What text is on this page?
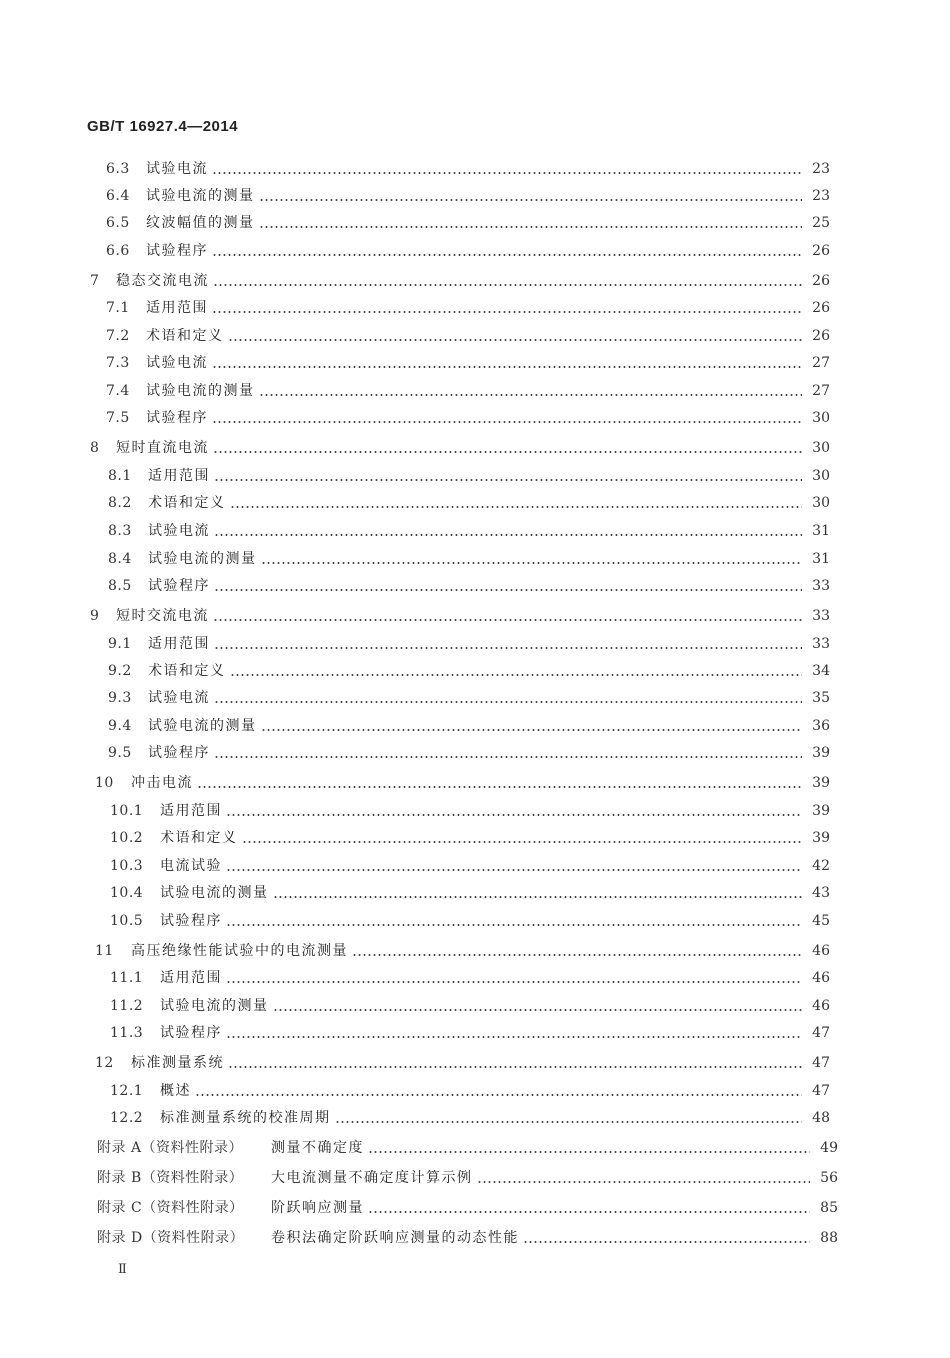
GB/T 16927.4—2014
6.3	试验电流	23
6.4	试验电流的测量	23
6.5	纹波幅值的测量	25
6.6	试验程序	26
7	稳态交流电流	26
7.1	适用范围	26
7.2	术语和定义	26
7.3	试验电流	27
7.4	试验电流的测量	27
7.5	试验程序	30
8	短时直流电流	30
8.1	适用范围	30
8.2	术语和定义	30
8.3	试验电流	31
8.4	试验电流的测量	31
8.5	试验程序	33
9	短时交流电流	33
9.1	适用范围	33
9.2	术语和定义	34
9.3	试验电流	35
9.4	试验电流的测量	36
9.5	试验程序	39
10	冲击电流	39
10.1	适用范围	39
10.2	术语和定义	39
10.3	电流试验	42
10.4	试验电流的测量	43
10.5	试验程序	45
11	高压绝缘性能试验中的电流测量	46
11.1	适用范围	46
11.2	试验电流的测量	46
11.3	试验程序	47
12	标准测量系统	47
12.1	概述	47
12.2	标准测量系统的校准周期	48
附录 A（资料性附录）	测量不确定度	49
附录 B（资料性附录）	大电流测量不确定度计算示例	56
附录 C（资料性附录）	阶跃响应测量	85
附录 D（资料性附录）	卷积法确定阶跃响应测量的动态性能	88
Ⅱ
